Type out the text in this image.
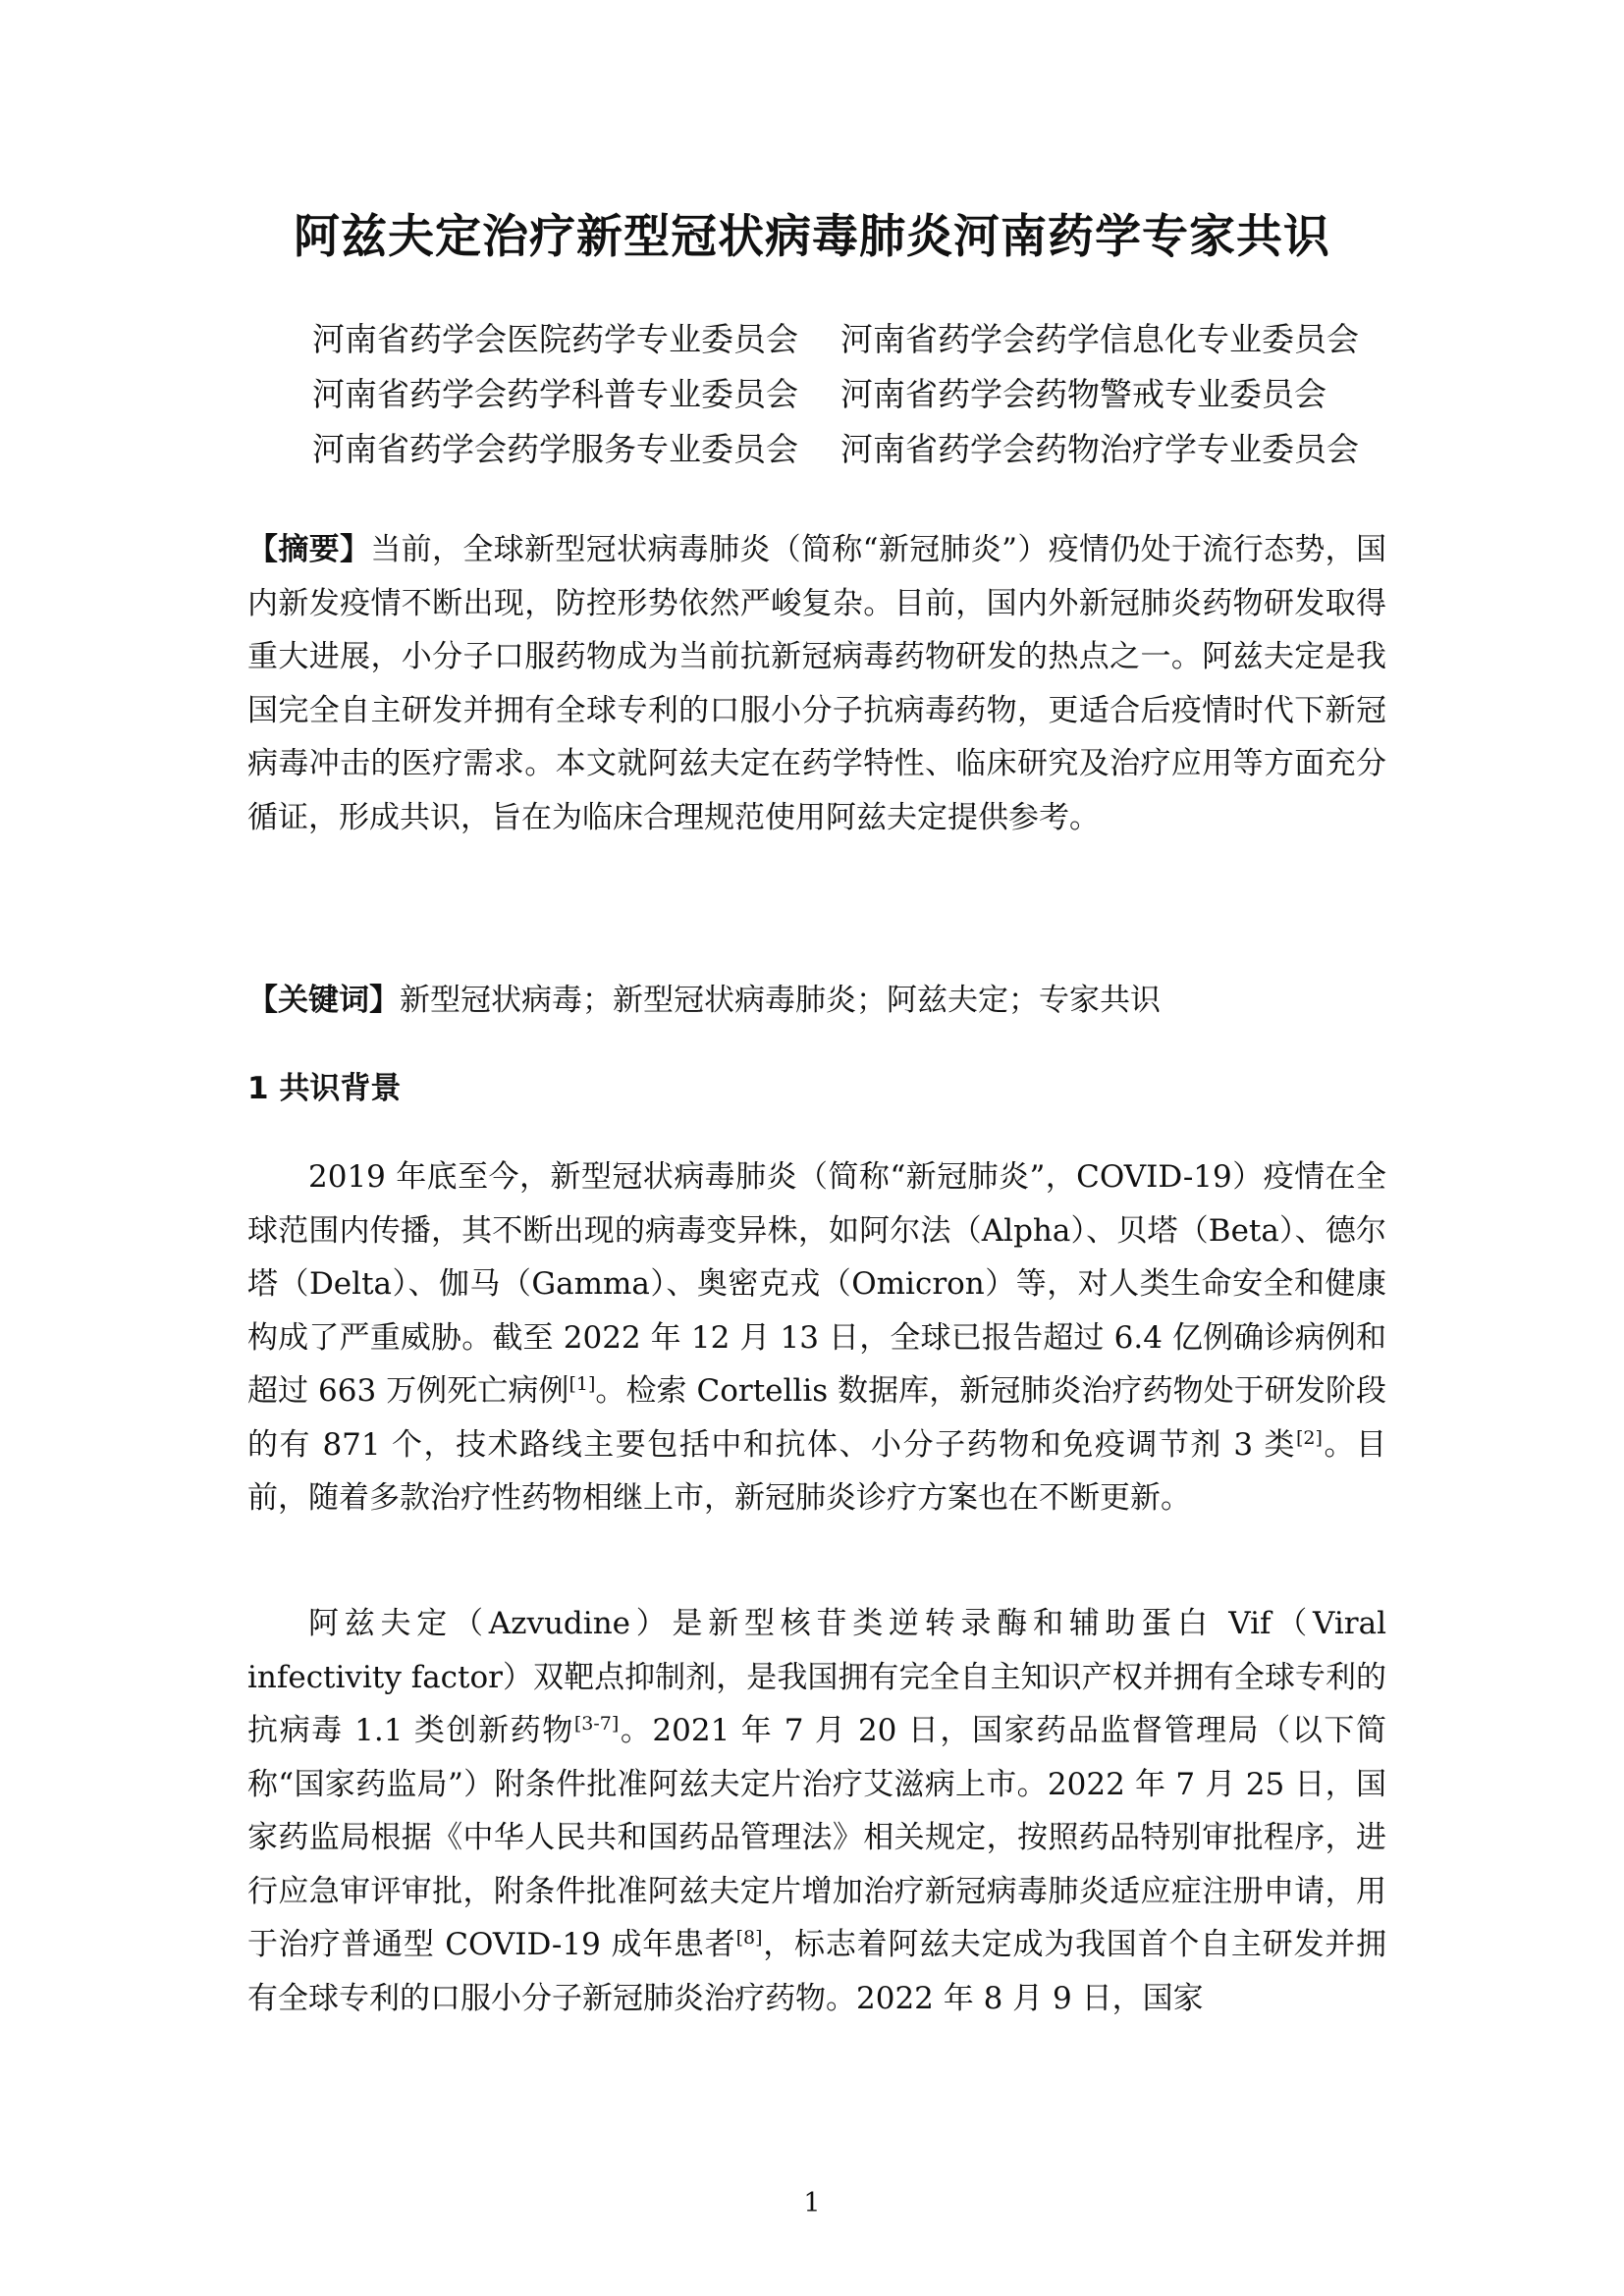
阿兹夫定治疗新型冠状病毒肺炎河南药学专家共识
河南省药学会医院药学专业委员会	河南省药学会药学信息化专业委员会
河南省药学会药学科普专业委员会	河南省药学会药物警戒专业委员会
河南省药学会药学服务专业委员会	河南省药学会药物治疗学专业委员会
【摘要】当前，全球新型冠状病毒肺炎（简称“新冠肺炎”）疫情仍处于流行态势，国内新发疫情不断出现，防控形势依然严峻复杂。目前，国内外新冠肺炎药物研发取得重大进展，小分子口服药物成为当前抗新冠病毒药物研发的热点之一。阿兹夫定是我国完全自主研发并拥有全球专利的口服小分子抗病毒药物，更适合后疫情时代下新冠病毒冲击的医疗需求。本文就阿兹夫定在药学特性、临床研究及治疗应用等方面充分循证，形成共识，旨在为临床合理规范使用阿兹夫定提供参考。
【关键词】新型冠状病毒；新型冠状病毒肺炎；阿兹夫定；专家共识
1 共识背景
2019 年底至今，新型冠状病毒肺炎（简称“新冠肺炎”，COVID-19）疫情在全球范围内传播，其不断出现的病毒变异株，如阿尔法（Alpha）、贝塔（Beta）、德尔塔（Delta）、伽马（Gamma）、奥密克戎（Omicron）等，对人类生命安全和健康构成了严重威胁。截至 2022 年 12 月 13 日，全球已报告超过 6.4 亿例确诊病例和超过 663 万例死亡病例[1]。检索 Cortellis 数据库，新冠肺炎治疗药物处于研发阶段的有 871 个，技术路线主要包括中和抗体、小分子药物和免疫调节剂 3 类[2]。目前，随着多款治疗性药物相继上市，新冠肺炎诊疗方案也在不断更新。
阿兹夫定（Azvudine）是新型核苷类逆转录酶和辅助蛋白 Vif（Viral infectivity factor）双靶点抑制剂，是我国拥有完全自主知识产权并拥有全球专利的抗病毒 1.1 类创新药物[3-7]。2021 年 7 月 20 日，国家药品监督管理局（以下简称“国家药监局”）附条件批准阿兹夫定片治疗艾滋病上市。2022 年 7 月 25 日，国家药监局根据《中华人民共和国药品管理法》相关规定，按照药品特别审批程序，进行应急审评审批，附条件批准阿兹夫定片增加治疗新冠病毒肺炎适应症注册申请，用于治疗普通型 COVID-19 成年患者[8]，标志着阿兹夫定成为我国首个自主研发并拥有全球专利的口服小分子新冠肺炎治疗药物。2022 年 8 月 9 日，国家
1
